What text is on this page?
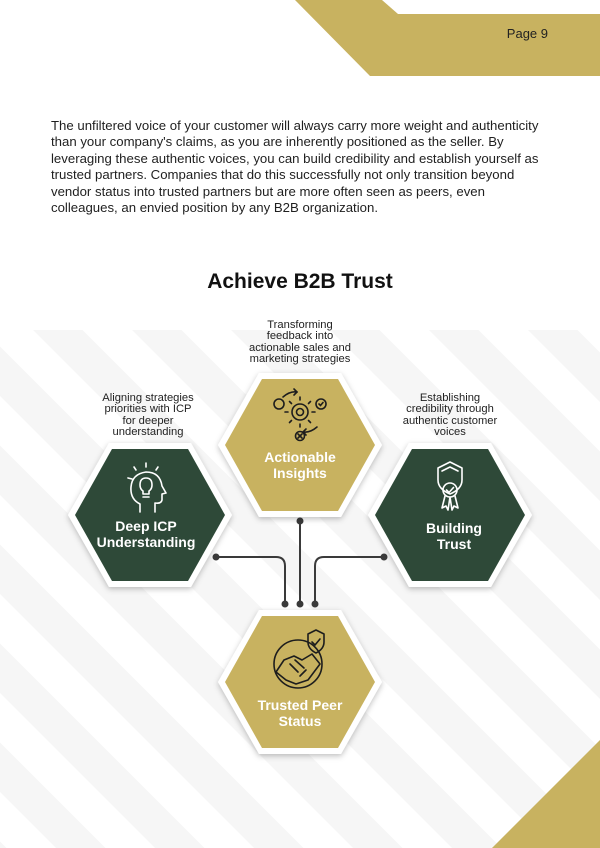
Page 9

The unfiltered voice of your customer will always carry more weight and authenticity than your company's claims, as you are inherently positioned as the seller. By leveraging these authentic voices, you can build credibility and establish yourself as trusted partners. Companies that do this successfully not only transition beyond vendor status into trusted partners but are more often seen as peers, even colleagues, an envied position by any B2B organization.

Achieve B2B Trust
Transforming
feedback into
actionable sales and
marketing strategies
Aligning strategies
priorities with ICP
for deeper
understanding
Establishing
credibility through
authentic customer
voices
Actionable
Insights
Deep ICP
Understanding
Building
Trust
Trusted Peer
Status
